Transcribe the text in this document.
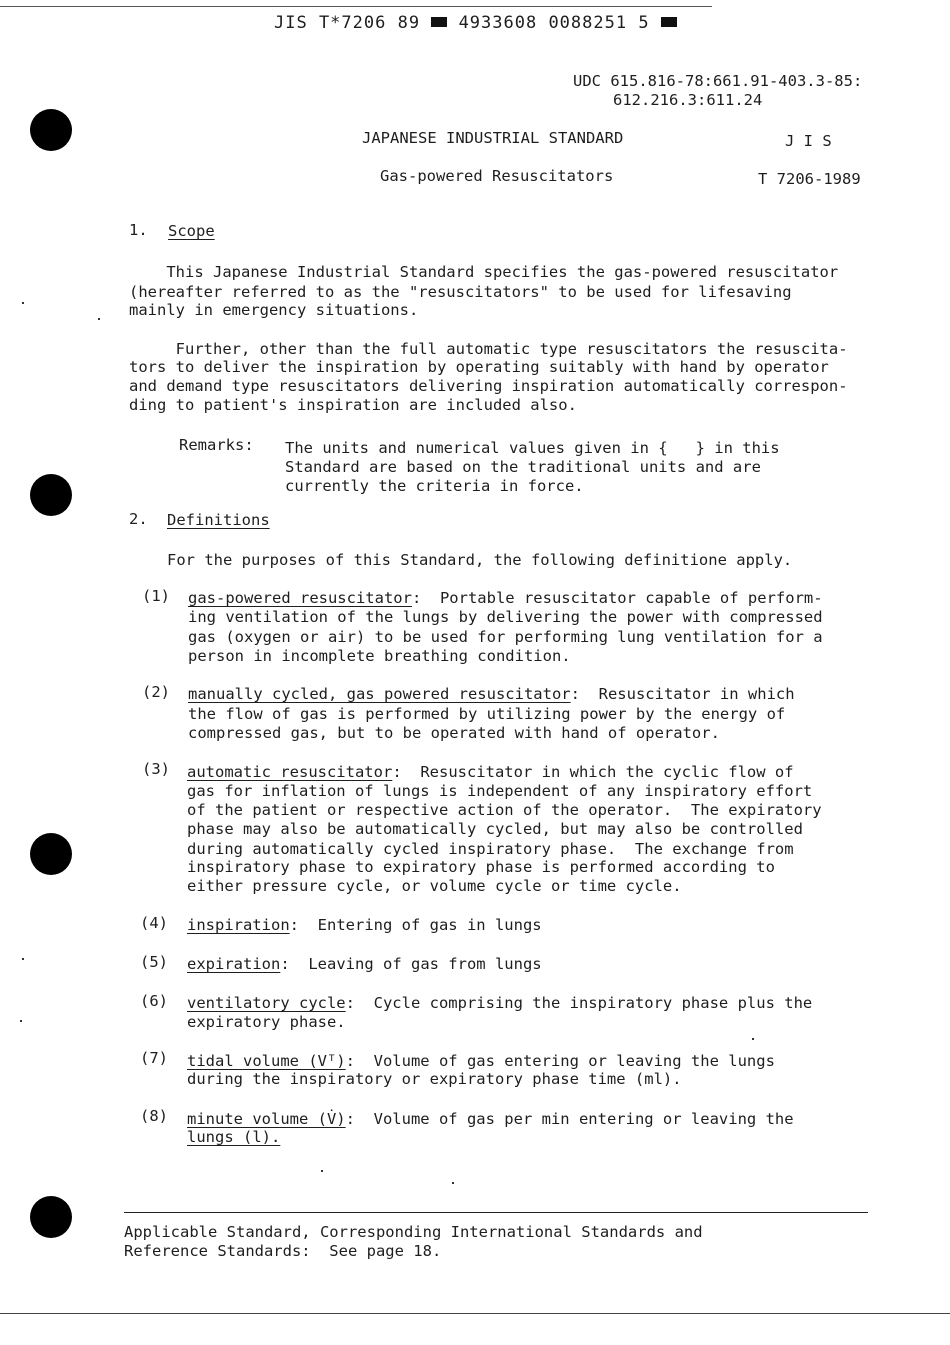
JIS T*7206 89 4933608 0088251 5
UDC 615.816-78:661.91-403.3-85:
612.216.3:611.24
JAPANESE INDUSTRIAL STANDARD	J I S
Gas-powered Resuscitators	T 7206-1989
1. Scope
This Japanese Industrial Standard specifies the gas-powered resuscitator
(hereafter referred to as the "resuscitators" to be used for lifesaving
mainly in emergency situations.
Further, other than the full automatic type resuscitators the resuscita-
tors to deliver the inspiration by operating suitably with hand by operator
and demand type resuscitators delivering inspiration automatically correspon-
ding to patient's inspiration are included also.
Remarks: The units and numerical values given in {   } in this
Standard are based on the traditional units and are
currently the criteria in force.
2. Definitions
For the purposes of this Standard, the following definitione apply.
(1) gas-powered resuscitator:  Portable resuscitator capable of perform-
ing ventilation of the lungs by delivering the power with compressed
gas (oxygen or air) to be used for performing lung ventilation for a
person in incomplete breathing condition.
(2) manually cycled, gas powered resuscitator:  Resuscitator in which
the flow of gas is performed by utilizing power by the energy of
compressed gas, but to be operated with hand of operator.
(3) automatic resuscitator:  Resuscitator in which the cyclic flow of
gas for inflation of lungs is independent of any inspiratory effort
of the patient or respective action of the operator.  The expiratory
phase may also be automatically cycled, but may also be controlled
during automatically cycled inspiratory phase.  The exchange from
inspiratory phase to expiratory phase is performed according to
either pressure cycle, or volume cycle or time cycle.
(4) inspiration:  Entering of gas in lungs
(5) expiration:  Leaving of gas from lungs
(6) ventilatory cycle:  Cycle comprising the inspiratory phase plus the
expiratory phase.
(7) tidal volume (Vᵀ):  Volume of gas entering or leaving the lungs
during the inspiratory or expiratory phase time (ml).
(8) minute volume (V̇):  Volume of gas per min entering or leaving the
lungs (l).
Applicable Standard, Corresponding International Standards and
Reference Standards:  See page 18.
